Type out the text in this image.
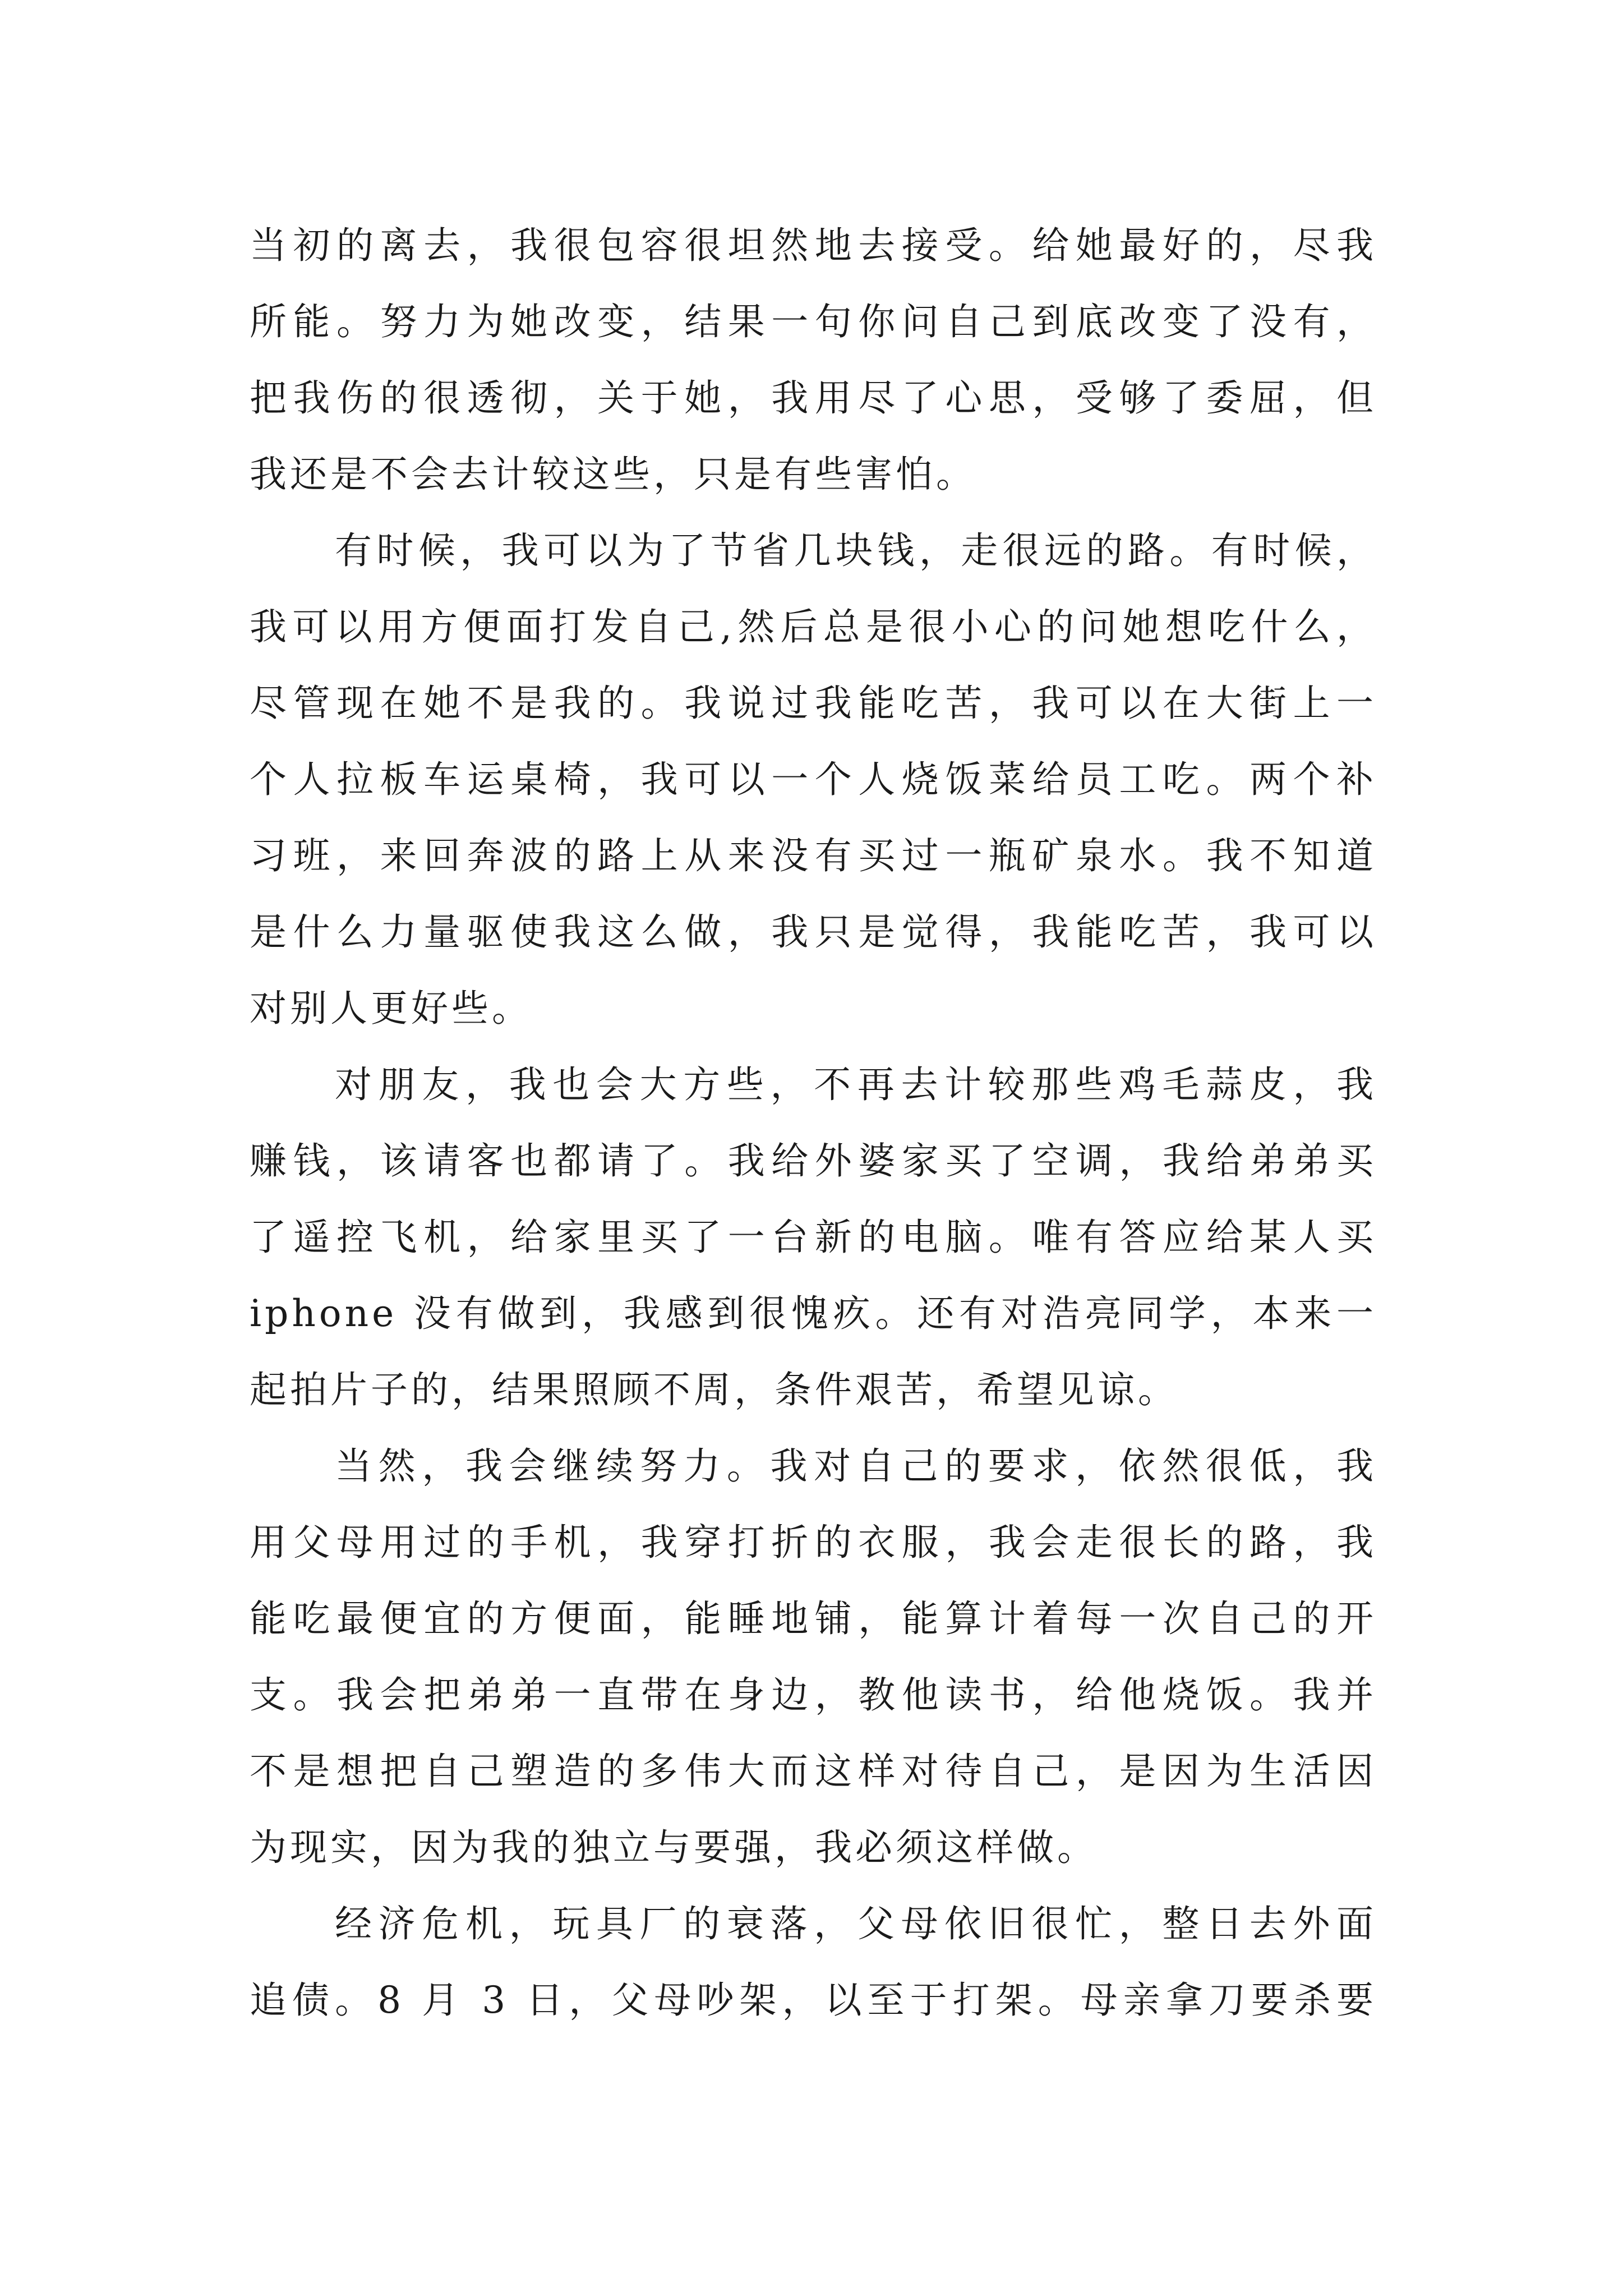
当初的离去，我很包容很坦然地去接受。给她最好的，尽我
所能。努力为她改变，结果一句你问自己到底改变了没有，
把我伤的很透彻，关于她，我用尽了心思，受够了委屈，但
我还是不会去计较这些，只是有些害怕。
有时候，我可以为了节省几块钱，走很远的路。有时候，
我可以用方便面打发自己,然后总是很小心的问她想吃什么，
尽管现在她不是我的。我说过我能吃苦，我可以在大街上一
个人拉板车运桌椅，我可以一个人烧饭菜给员工吃。两个补
习班，来回奔波的路上从来没有买过一瓶矿泉水。我不知道
是什么力量驱使我这么做，我只是觉得，我能吃苦，我可以
对别人更好些。
对朋友，我也会大方些，不再去计较那些鸡毛蒜皮，我
赚钱，该请客也都请了。我给外婆家买了空调，我给弟弟买
了遥控飞机，给家里买了一台新的电脑。唯有答应给某人买
iphone 没有做到，我感到很愧疚。还有对浩亮同学，本来一
起拍片子的，结果照顾不周，条件艰苦，希望见谅。
当然，我会继续努力。我对自己的要求，依然很低，我
用父母用过的手机，我穿打折的衣服，我会走很长的路，我
能吃最便宜的方便面，能睡地铺，能算计着每一次自己的开
支。我会把弟弟一直带在身边，教他读书，给他烧饭。我并
不是想把自己塑造的多伟大而这样对待自己，是因为生活因
为现实，因为我的独立与要强，我必须这样做。
经济危机，玩具厂的衰落，父母依旧很忙，整日去外面
追债。8 月 3 日，父母吵架，以至于打架。母亲拿刀要杀要
